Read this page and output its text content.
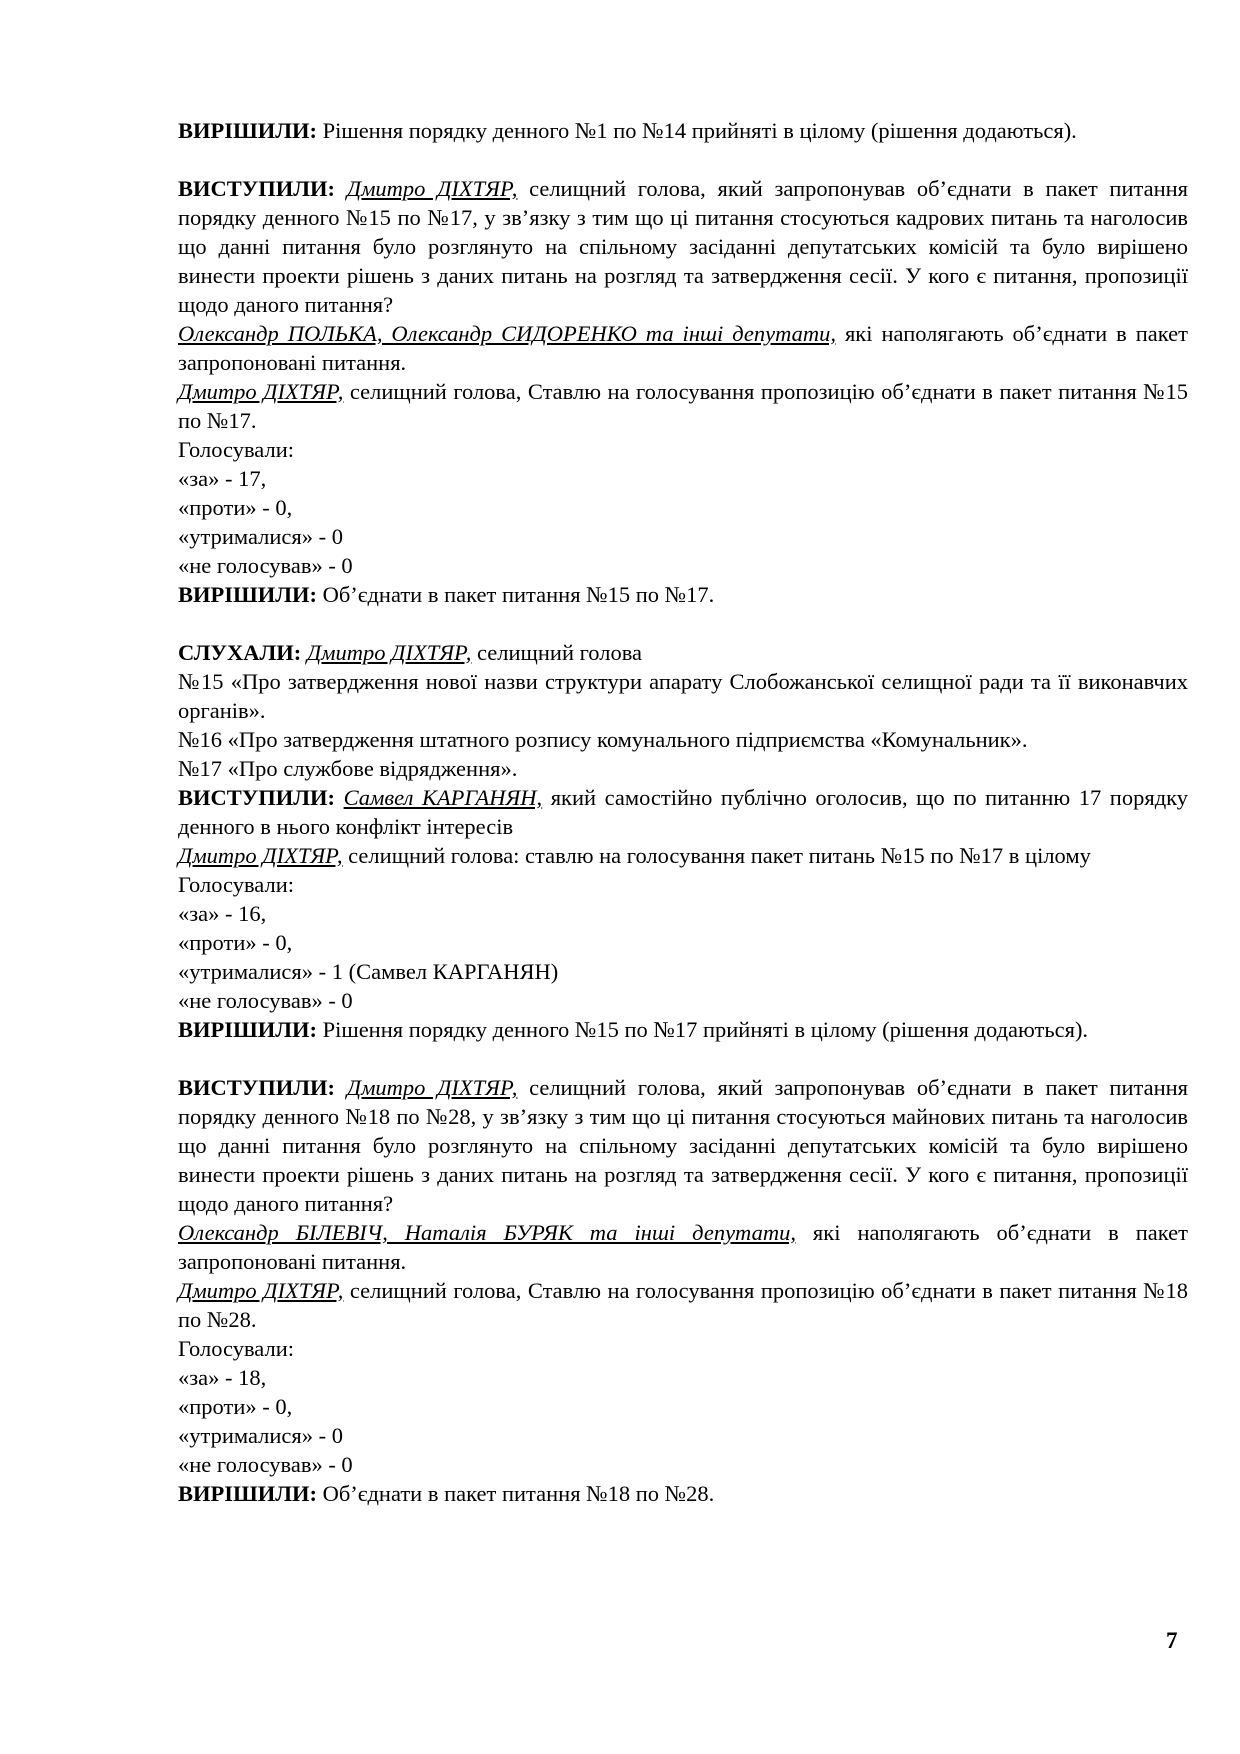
ВИРІШИЛИ: Рішення порядку денного №1 по №14 прийняті в цілому (рішення додаються).

ВИСТУПИЛИ: Дмитро ДІХТЯР, селищний голова, який запропонував об’єднати в пакет питання порядку денного №15 по №17, у зв’язку з тим що ці питання стосуються кадрових питань та наголосив що данні питання було розглянуто на спільному засіданні депутатських комісій та було вирішено винести проекти рішень з даних питань на розгляд та затвердження сесії. У кого є питання, пропозиції щодо даного питання?

Олександр ПОЛЬКА, Олександр СИДОРЕНКО та інші депутати, які наполягають об’єднати в пакет запропоновані питання.

Дмитро ДІХТЯР, селищний голова, Ставлю на голосування пропозицію об’єднати в пакет питання №15 по №17.

Голосували:

«за» - 17,

«проти» - 0,

«утрималися» - 0

«не голосував» - 0

ВИРІШИЛИ: Об’єднати в пакет питання №15 по №17.

СЛУХАЛИ: Дмитро ДІХТЯР, селищний голова

№15 «Про затвердження нової назви структури апарату Слобожанської селищної ради та її виконавчих органів».

№16 «Про затвердження штатного розпису комунального підприємства «Комунальник».

№17 «Про службове відрядження».

ВИСТУПИЛИ: Самвел КАРГАНЯН, який самостійно публічно оголосив, що по питанню 17 порядку денного в нього конфлікт інтересів

Дмитро ДІХТЯР, селищний голова: ставлю на голосування пакет питань №15 по №17 в цілому

Голосували:

«за» - 16,

«проти» - 0,

«утрималися» - 1 (Самвел КАРГАНЯН)

«не голосував» - 0

ВИРІШИЛИ: Рішення порядку денного №15 по №17 прийняті в цілому (рішення додаються).

ВИСТУПИЛИ: Дмитро ДІХТЯР, селищний голова, який запропонував об’єднати в пакет питання порядку денного №18 по №28, у зв’язку з тим що ці питання стосуються майнових питань та наголосив що данні питання було розглянуто на спільному засіданні депутатських комісій та було вирішено винести проекти рішень з даних питань на розгляд та затвердження сесії. У кого є питання, пропозиції щодо даного питання?

Олександр БІЛЕВІЧ, Наталія БУРЯК та інші депутати, які наполягають об’єднати в пакет запропоновані питання.

Дмитро ДІХТЯР, селищний голова, Ставлю на голосування пропозицію об’єднати в пакет питання №18 по №28.

Голосували:

«за» - 18,

«проти» - 0,

«утрималися» - 0

«не голосував» - 0

ВИРІШИЛИ: Об’єднати в пакет питання №18 по №28.

7
